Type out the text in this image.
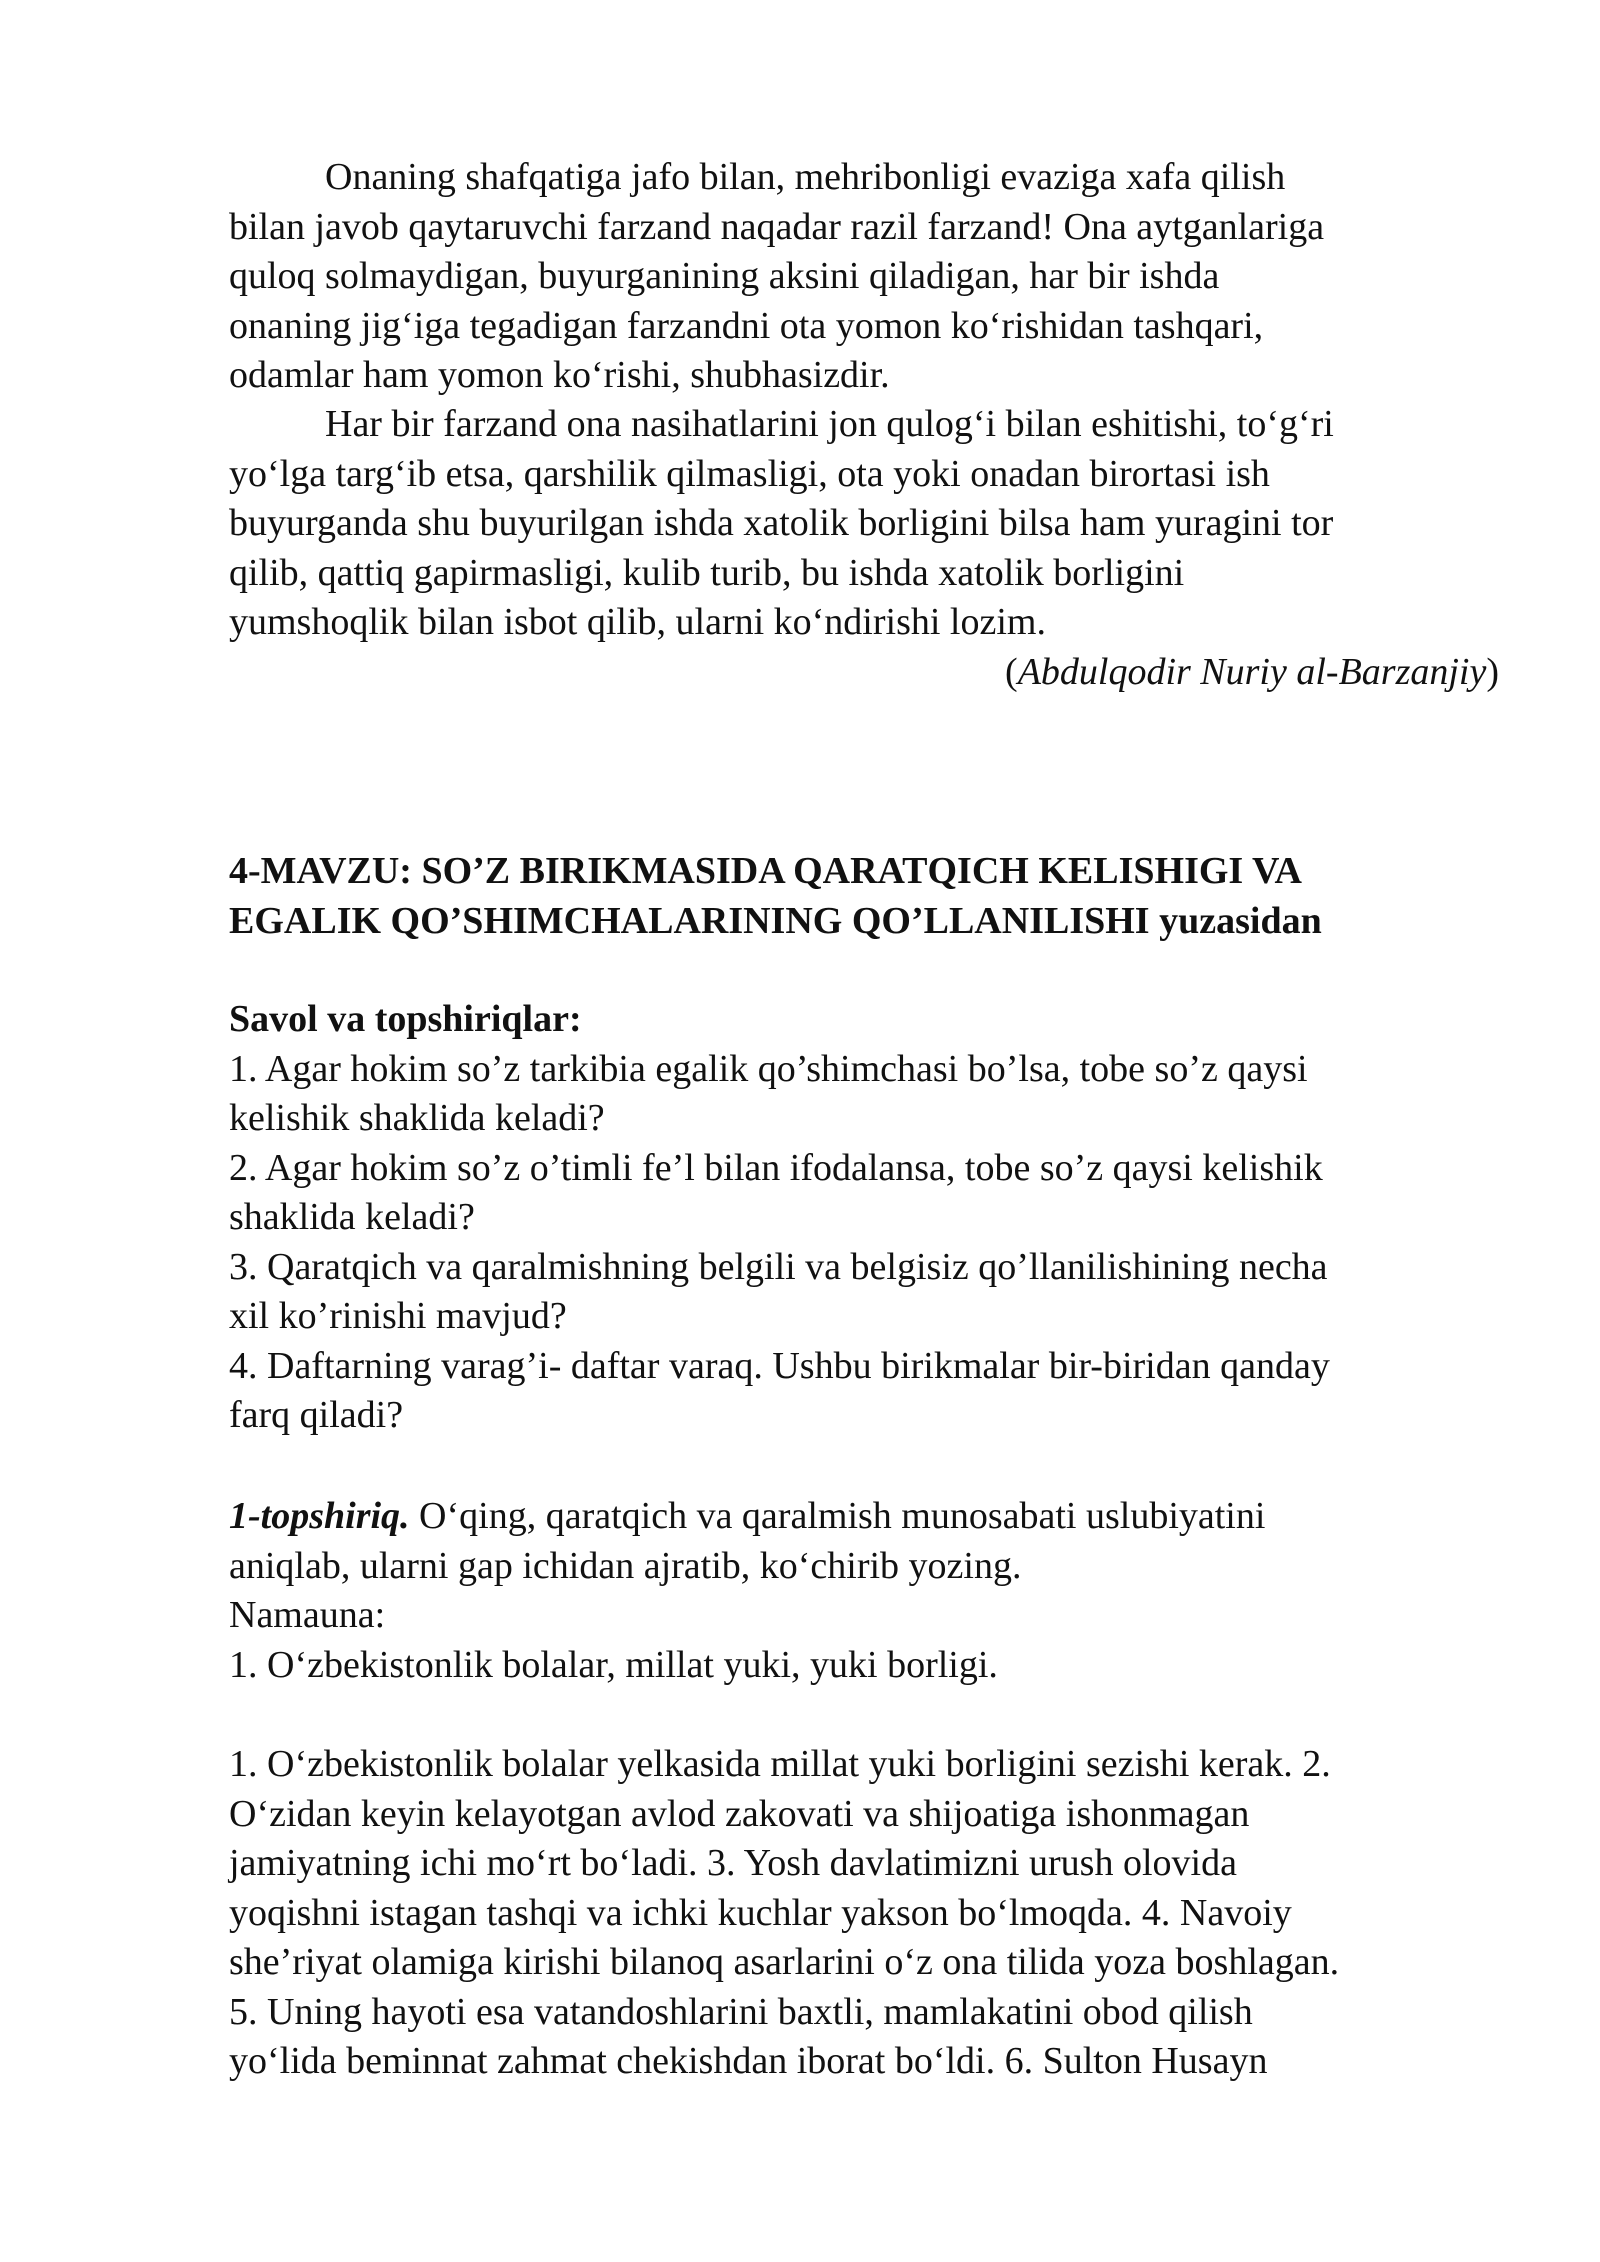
Onaning shafqatiga jafo bilan, mehribonligi evaziga xafa qilish
bilan javob qaytaruvchi farzand naqadar razil farzand! Ona aytganlariga
quloq solmaydigan, buyurganining aksini qiladigan, har bir ishda
onaning jig‘iga tegadigan farzandni ota yomon ko‘rishidan tashqari,
odamlar ham yomon ko‘rishi, shubhasizdir.
Har bir farzand ona nasihatlarini jon qulog‘i bilan eshitishi, to‘g‘ri
yo‘lga targ‘ib etsa, qarshilik qilmasligi, ota yoki onadan birortasi ish
buyurganda shu buyurilgan ishda xatolik borligini bilsa ham yuragini tor
qilib, qattiq gapirmasligi, kulib turib, bu ishda xatolik borligini
yumshoqlik bilan isbot qilib, ularni ko‘ndirishi lozim.
(Abdulqodir Nuriy al-Barzanjiy)
4-MAVZU: SO’Z BIRIKMASIDA QARATQICH KELISHIGI VA
EGALIK QO’SHIMCHALARINING QO’LLANILISHI yuzasidan
Savol va topshiriqlar:
1. Agar hokim so’z tarkibia egalik qo’shimchasi bo’lsa, tobe so’z qaysi
kelishik shaklida keladi?
2. Agar hokim so’z o’timli fe’l bilan ifodalansa, tobe so’z qaysi kelishik
shaklida keladi?
3. Qaratqich va qaralmishning belgili va belgisiz qo’llanilishining necha
xil ko’rinishi mavjud?
4. Daftarning varag’i- daftar varaq. Ushbu birikmalar bir-biridan qanday
farq qiladi?
1-topshiriq. O‘qing, qaratqich va qaralmish munosabati uslubiyatini
aniqlab, ularni gap ichidan ajratib, ko‘chirib yozing.
Namauna:
1. O‘zbekistonlik bolalar, millat yuki, yuki borligi.
1. O‘zbekistonlik bolalar yelkasida millat yuki borligini sezishi kerak. 2.
O‘zidan keyin kelayotgan avlod zakovati va shijoatiga ishonmagan
jamiyatning ichi mo‘rt bo‘ladi. 3. Yosh davlatimizni urush olovida
yoqishni istagan tashqi va ichki kuchlar yakson bo‘lmoqda. 4. Navoiy
she’riyat olamiga kirishi bilanoq asarlarini o‘z ona tilida yoza boshlagan.
5. Uning hayoti esa vatandoshlarini baxtli, mamlakatini obod qilish
yo‘lida beminnat zahmat chekishdan iborat bo‘ldi. 6. Sulton Husayn
